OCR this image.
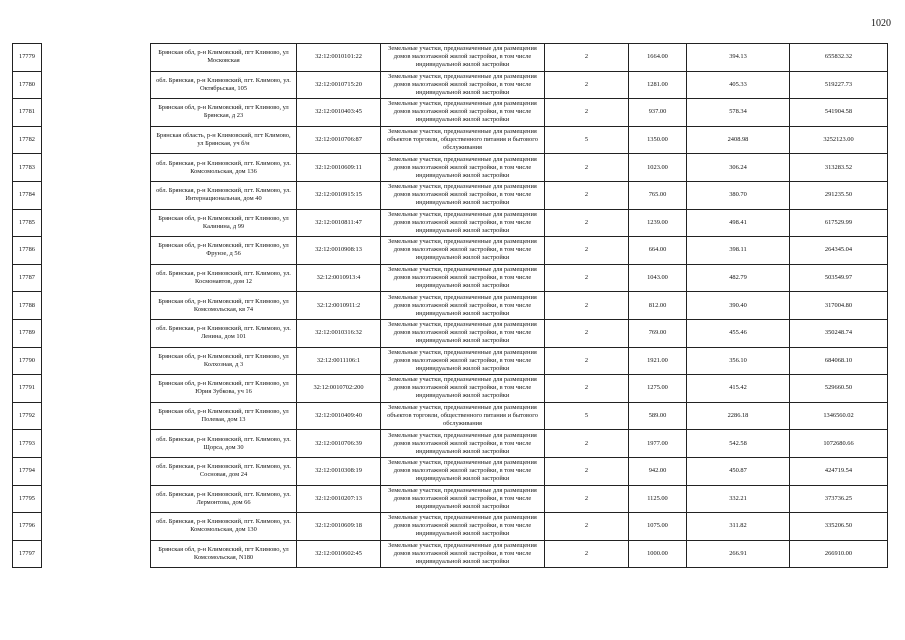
1020
17779		Брянская обл, р-н Климовский, пгт Климово, ул Московская	32:12:0010101:22	Земельные участки, предназначенные для размещения домов малоэтажной жилой застройки, в том числе индивидуальной жилой застройки	2	1664.00	394.13	655832.32
17780		обл. Брянская, р-н Климовский, пгт. Климово, ул. Октябрьская, 105	32:12:0010715:20	Земельные участки, предназначенные для размещения домов малоэтажной жилой застройки, в том числе индивидуальной жилой застройки	2	1281.00	405.33	519227.73
17781		Брянская обл, р-н Климовский, пгт Климово, ул Брянская, д 23	32:12:0010403:45	Земельные участки, предназначенные для размещения домов малоэтажной жилой застройки, в том числе индивидуальной жилой застройки	2	937.00	578.34	541904.58
17782		Брянская область, р-н Климовский, пгт Климово, ул Брянская, уч б/н	32:12:0010706:87	Земельные участки, предназначенные для размещения объектов торговли, общественного питания и бытового обслуживания	5	1350.00	2408.98	3252123.00
17783		обл. Брянская, р-н Климовский, пгт. Климово, ул. Комсомольская, дом 136	32:12:0010609:11	Земельные участки, предназначенные для размещения домов малоэтажной жилой застройки, в том числе индивидуальной жилой застройки	2	1023.00	306.24	313283.52
17784		обл. Брянская, р-н Климовский, пгт. Климово, ул. Интернациональная, дом 40	32:12:0010915:15	Земельные участки, предназначенные для размещения домов малоэтажной жилой застройки, в том числе индивидуальной жилой застройки	2	765.00	380.70	291235.50
17785		Брянская обл, р-н Климовский, пгт Климово, ул Калинина, д 99	32:12:0010811:47	Земельные участки, предназначенные для размещения домов малоэтажной жилой застройки, в том числе индивидуальной жилой застройки	2	1239.00	498.41	617529.99
17786		Брянская обл, р-н Климовский, пгт Климово, ул Фрунзе, д 56	32:12:0010908:13	Земельные участки, предназначенные для размещения домов малоэтажной жилой застройки, в том числе индивидуальной жилой застройки	2	664.00	398.11	264345.04
17787		обл. Брянская, р-н Климовский, пгт. Климово, ул. Космонавтов, дом 12	32:12:0010913:4	Земельные участки, предназначенные для размещения домов малоэтажной жилой застройки, в том числе индивидуальной жилой застройки	2	1043.00	482.79	503549.97
17788		Брянская обл, р-н Климовский, пгт Климово, ул Комсомольская, кв 74	32:12:0010911:2	Земельные участки, предназначенные для размещения домов малоэтажной жилой застройки, в том числе индивидуальной жилой застройки	2	812.00	390.40	317004.80
17789		обл. Брянская, р-н Климовский, пгт. Климово, ул. Ленина, дом 101	32:12:0010316:32	Земельные участки, предназначенные для размещения домов малоэтажной жилой застройки, в том числе индивидуальной жилой застройки	2	769.00	455.46	350248.74
17790		Брянская обл, р-н Климовский, пгт Климово, ул Колхозная, д 3	32:12:0011106:1	Земельные участки, предназначенные для размещения домов малоэтажной жилой застройки, в том числе индивидуальной жилой застройки	2	1921.00	356.10	684068.10
17791		Брянская обл, р-н Климовский, пгт Климово, ул Юрия Зубкова, уч 16	32:12:0010702:200	Земельные участки, предназначенные для размещения домов малоэтажной жилой застройки, в том числе индивидуальной жилой застройки	2	1275.00	415.42	529660.50
17792		Брянская обл, р-н Климовский, пгт Климово, ул Полевая, дом 13	32:12:0010409:40	Земельные участки, предназначенные для размещения объектов торговли, общественного питания и бытового обслуживания	5	589.00	2286.18	1346560.02
17793		обл. Брянская, р-н Климовский, пгт. Климово, ул. Щорса, дом 30	32:12:0010706:39	Земельные участки, предназначенные для размещения домов малоэтажной жилой застройки, в том числе индивидуальной жилой застройки	2	1977.00	542.58	1072680.66
17794		обл. Брянская, р-н Климовский, пгт. Климово, ул. Сосновая, дом 24	32:12:0010308:19	Земельные участки, предназначенные для размещения домов малоэтажной жилой застройки, в том числе индивидуальной жилой застройки	2	942.00	450.87	424719.54
17795		обл. Брянская, р-н Климовский, пгт. Климово, ул. Лермонтова, дом 66	32:12:0010207:13	Земельные участки, предназначенные для размещения домов малоэтажной жилой застройки, в том числе индивидуальной жилой застройки	2	1125.00	332.21	373736.25
17796		обл. Брянская, р-н Климовский, пгт. Климово, ул. Комсомольская, дом 130	32:12:0010609:18	Земельные участки, предназначенные для размещения домов малоэтажной жилой застройки, в том числе индивидуальной жилой застройки	2	1075.00	311.82	335206.50
17797		Брянская обл, р-н Климовский, пгт Климово, ул Комсомольская, N180	32:12:0010602:45	Земельные участки, предназначенные для размещения домов малоэтажной жилой застройки, в том числе индивидуальной жилой застройки	2	1000.00	266.91	266910.00
